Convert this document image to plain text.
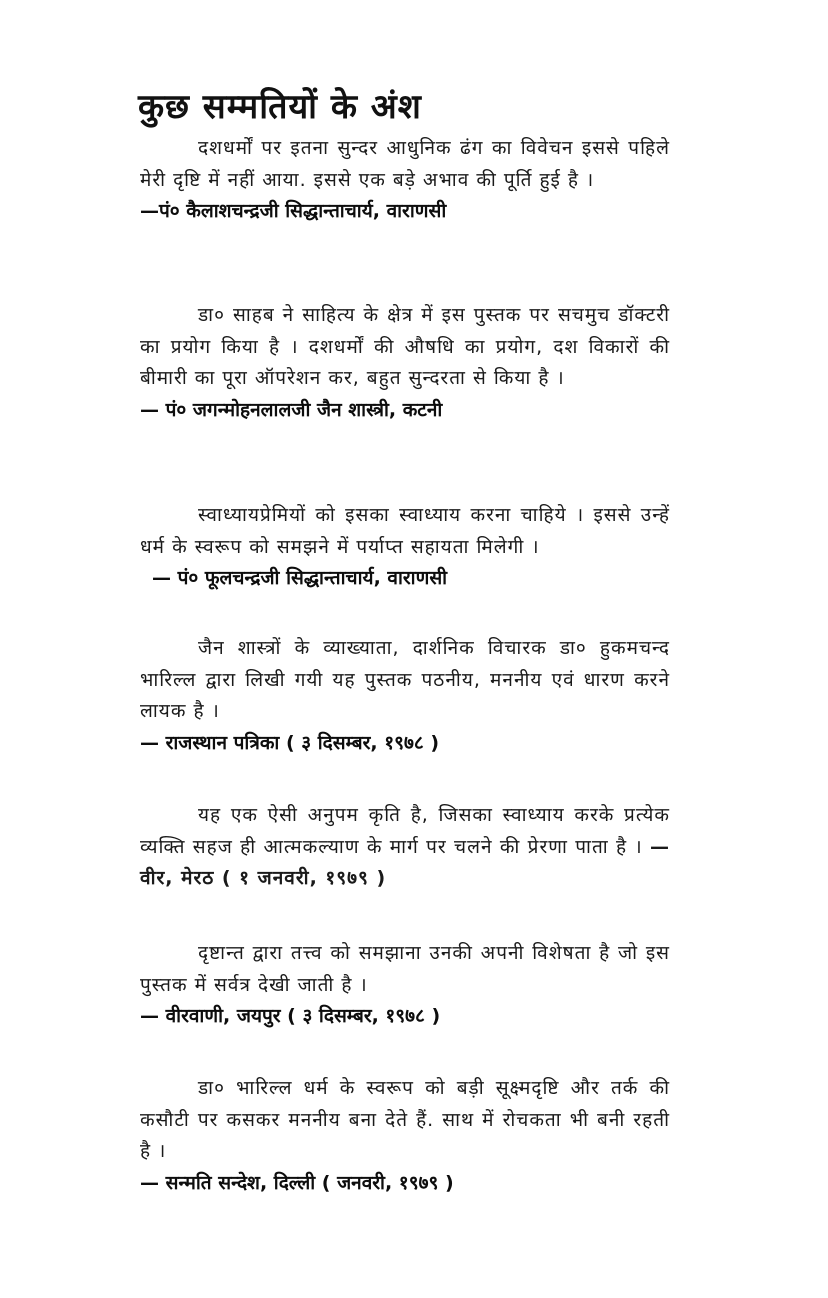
कुछ सम्मतियों के अंश

दशधर्मों पर इतना सुन्दर आधुनिक ढंग का विवेचन इससे पहिले मेरी दृष्टि में नहीं आया. इससे एक बड़े अभाव की पूर्ति हुई है ।

—पं० कैलाशचन्द्रजी सिद्धान्ताचार्य, वाराणसी

डा० साहब ने साहित्य के क्षेत्र में इस पुस्तक पर सचमुच डॉक्टरी का प्रयोग किया है । दशधर्मों की औषधि का प्रयोग, दश विकारों की बीमारी का पूरा ऑपरेशन कर, बहुत सुन्दरता से किया है ।

— पं० जगन्मोहनलालजी जैन शास्त्री, कटनी

स्वाध्यायप्रेमियों को इसका स्वाध्याय करना चाहिये । इससे उन्हें धर्म के स्वरूप को समझने में पर्याप्त सहायता मिलेगी ।

— पं० फूलचन्द्रजी सिद्धान्ताचार्य, वाराणसी

जैन शास्त्रों के व्याख्याता, दार्शनिक विचारक डा० हुकमचन्द भारिल्ल द्वारा लिखी गयी यह पुस्तक पठनीय, मननीय एवं धारण करने लायक है ।

— राजस्थान पत्रिका ( ३ दिसम्बर, १९७८ )

यह एक ऐसी अनुपम कृति है, जिसका स्वाध्याय करके प्रत्येक व्यक्ति सहज ही आत्मकल्याण के मार्ग पर चलने की प्रेरणा पाता है । — वीर, मेरठ ( १ जनवरी, १९७९ )

दृष्टान्त द्वारा तत्त्व को समझाना उनकी अपनी विशेषता है जो इस पुस्तक में सर्वत्र देखी जाती है ।

— वीरवाणी, जयपुर ( ३ दिसम्बर, १९७८ )

डा० भारिल्ल धर्म के स्वरूप को बड़ी सूक्ष्मदृष्टि और तर्क की कसौटी पर कसकर मननीय बना देते हैं. साथ में रोचकता भी बनी रहती है ।

— सन्मति सन्देश, दिल्ली ( जनवरी, १९७९ )
